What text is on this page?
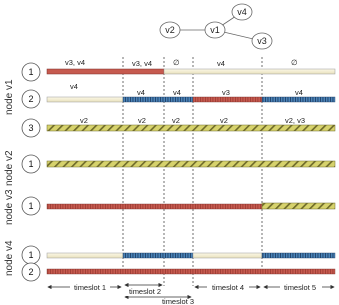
v4
v2	v1
v3
node v1
node v2
node v3
node v4
1
2
3
1
1
1
2
v3, v4	v3, v4	∅	v4	∅
v4
v4	v4	v3	v4
v2	v2	v2	v2	v2, v3
timeslot 1	timeslot 2
timeslot 3
timeslot 4	timeslot 5
